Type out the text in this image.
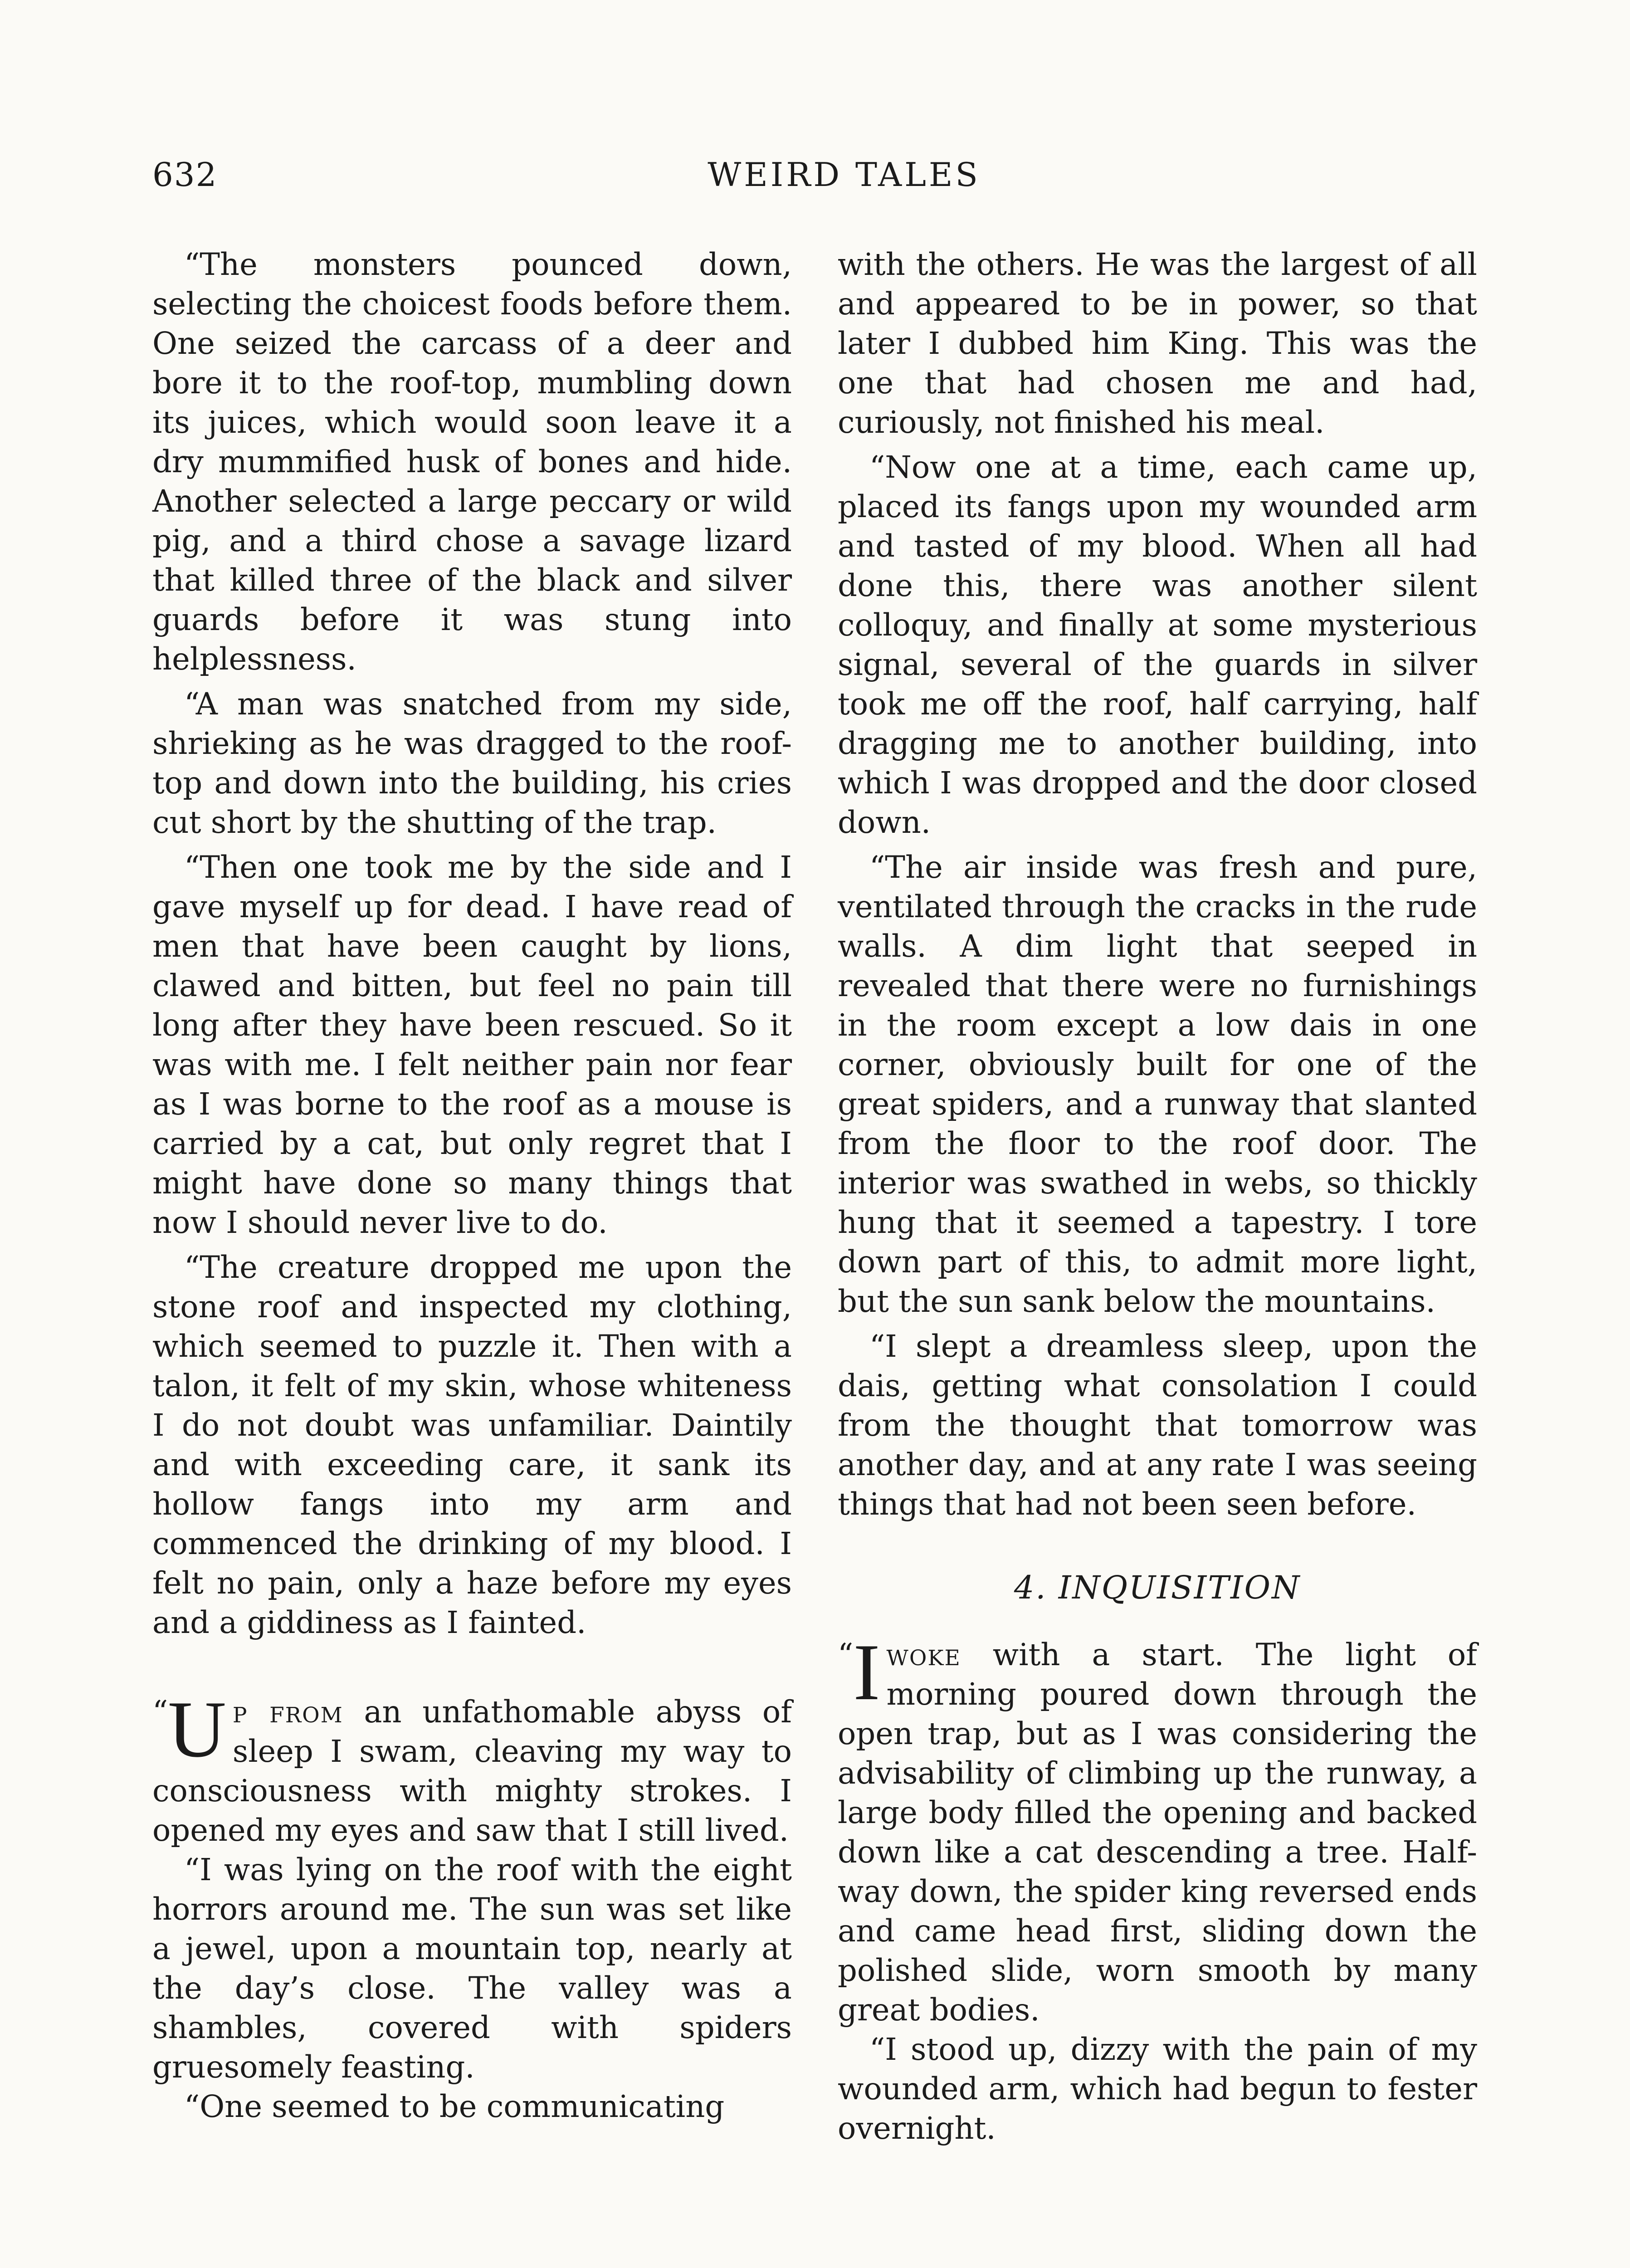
632	WEIRD TALES

“The monsters pounced down, selecting the choicest foods before them. One seized the carcass of a deer and bore it to the roof-top, mumbling down its juices, which would soon leave it a dry mummified husk of bones and hide. Another selected a large peccary or wild pig, and a third chose a savage lizard that killed three of the black and silver guards before it was stung into helplessness.

“A man was snatched from my side, shrieking as he was dragged to the roof-top and down into the building, his cries cut short by the shutting of the trap.

“Then one took me by the side and I gave myself up for dead. I have read of men that have been caught by lions, clawed and bitten, but feel no pain till long after they have been rescued. So it was with me. I felt neither pain nor fear as I was borne to the roof as a mouse is carried by a cat, but only regret that I might have done so many things that now I should never live to do.

“The creature dropped me upon the stone roof and inspected my clothing, which seemed to puzzle it. Then with a talon, it felt of my skin, whose whiteness I do not doubt was unfamiliar. Daintily and with exceeding care, it sank its hollow fangs into my arm and commenced the drinking of my blood. I felt no pain, only a haze before my eyes and a giddiness as I fainted.

“ U p from an unfathomable abyss of sleep I swam, cleaving my way to consciousness with mighty strokes. I opened my eyes and saw that I still lived.

“I was lying on the roof with the eight horrors around me. The sun was set like a jewel, upon a mountain top, nearly at the day’s close. The valley was a shambles, covered with spiders gruesomely feasting.

“One seemed to be communicating

with the others. He was the largest of all and appeared to be in power, so that later I dubbed him King. This was the one that had chosen me and had, curiously, not finished his meal.

“Now one at a time, each came up, placed its fangs upon my wounded arm and tasted of my blood. When all had done this, there was another silent colloquy, and finally at some mysterious signal, several of the guards in silver took me off the roof, half carrying, half dragging me to another building, into which I was dropped and the door closed down.

“The air inside was fresh and pure, ventilated through the cracks in the rude walls. A dim light that seeped in revealed that there were no furnishings in the room except a low dais in one corner, obviously built for one of the great spiders, and a runway that slanted from the floor to the roof door. The interior was swathed in webs, so thickly hung that it seemed a tapestry. I tore down part of this, to admit more light, but the sun sank below the mountains.

“I slept a dreamless sleep, upon the dais, getting what consolation I could from the thought that tomorrow was another day, and at any rate I was seeing things that had not been seen before.

4. INQUISITION

“ I woke with a start. The light of morning poured down through the open trap, but as I was considering the advisability of climbing up the runway, a large body filled the opening and backed down like a cat descending a tree. Half-way down, the spider king reversed ends and came head first, sliding down the polished slide, worn smooth by many great bodies.

“I stood up, dizzy with the pain of my wounded arm, which had begun to fester overnight.
